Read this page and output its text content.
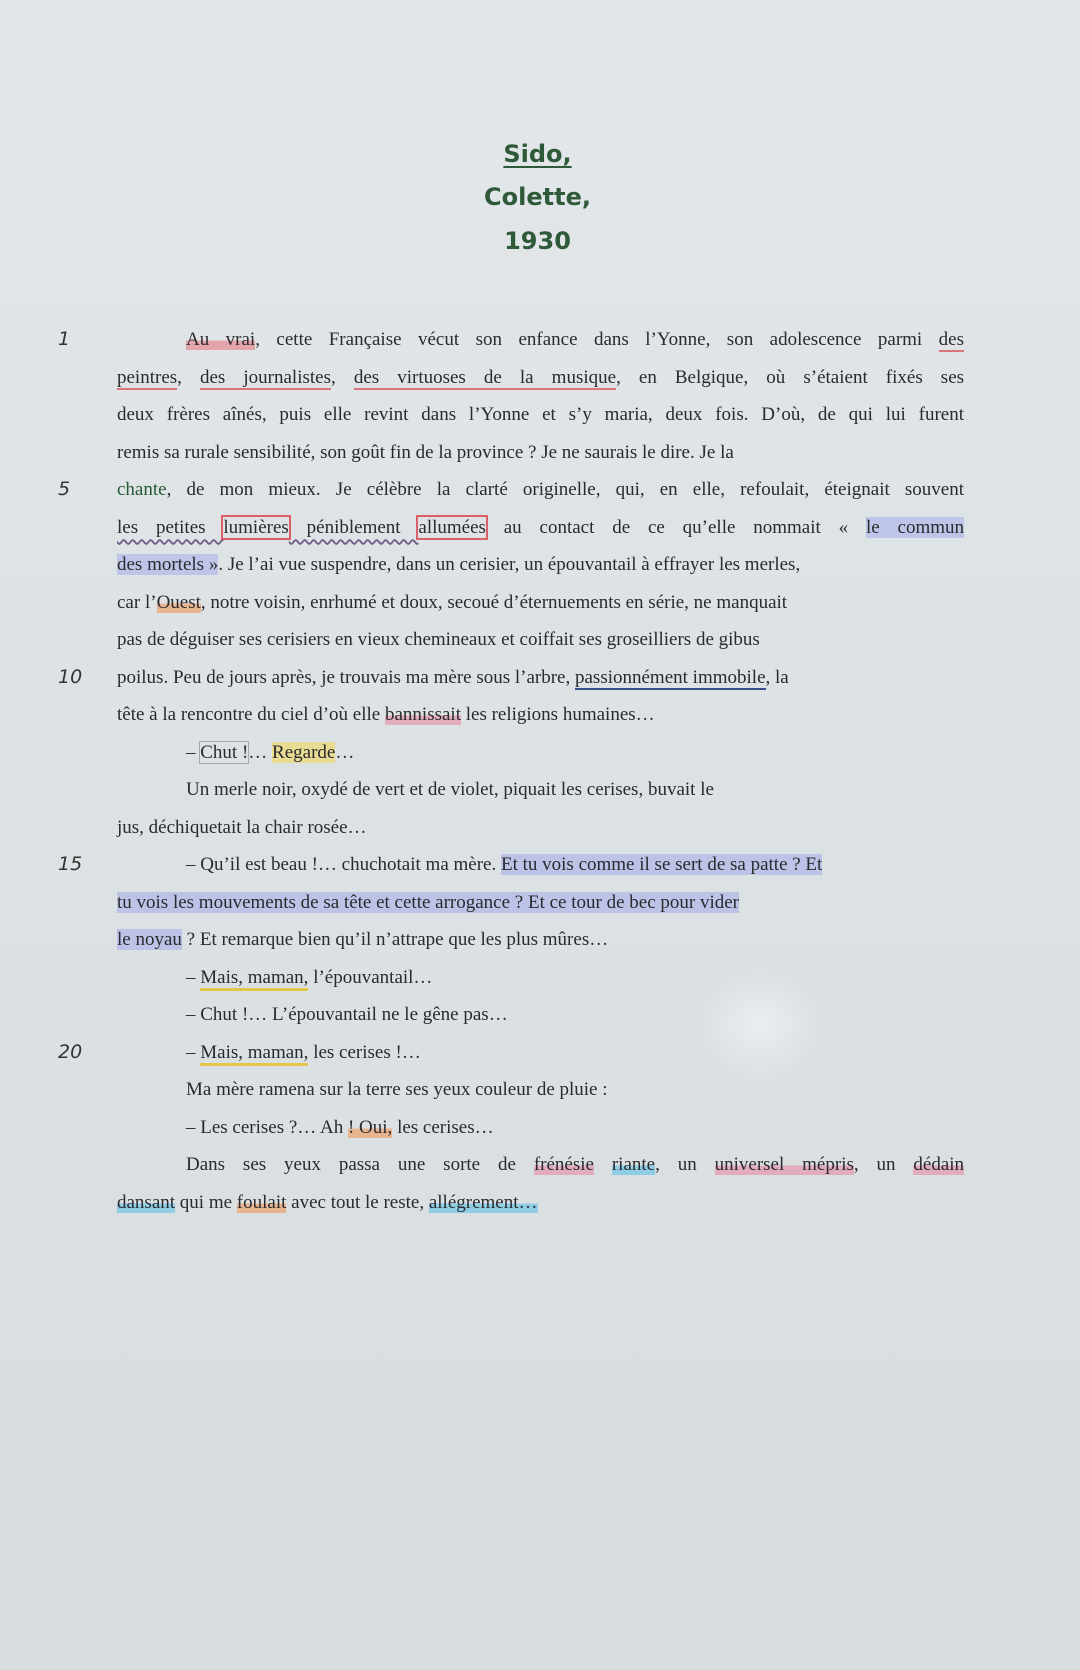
Sido,
Colette,
1930
Au vrai, cette Française vécut son enfance dans l’Yonne, son adolescence parmi des
peintres, des journalistes, des virtuoses de la musique, en Belgique, où s’étaient fixés ses
deux frères aînés, puis elle revint dans l’Yonne et s’y maria, deux fois. D’où, de qui lui furent
remis sa rurale sensibilité, son goût fin de la province ? Je ne saurais le dire. Je la
chante, de mon mieux. Je célèbre la clarté originelle, qui, en elle, refoulait, éteignait souvent
les petites lumières péniblement allumées au contact de ce qu’elle nommait « le commun
des mortels ». Je l’ai vue suspendre, dans un cerisier, un épouvantail à effrayer les merles,
car l’Ouest, notre voisin, enrhumé et doux, secoué d’éternuements en série, ne manquait
pas de déguiser ses cerisiers en vieux chemineaux et coiffait ses groseilliers de gibus
poilus. Peu de jours après, je trouvais ma mère sous l’arbre, passionnément immobile, la
tête à la rencontre du ciel d’où elle bannissait les religions humaines…
– Chut !… Regarde…
Un merle noir, oxydé de vert et de violet, piquait les cerises, buvait le
jus, déchiquetait la chair rosée…
– Qu’il est beau !… chuchotait ma mère. Et tu vois comme il se sert de sa patte ? Et
tu vois les mouvements de sa tête et cette arrogance ? Et ce tour de bec pour vider
le noyau ? Et remarque bien qu’il n’attrape que les plus mûres…
– Mais, maman, l’épouvantail…
– Chut !… L’épouvantail ne le gêne pas…
– Mais, maman, les cerises !…
Ma mère ramena sur la terre ses yeux couleur de pluie :
– Les cerises ?… Ah ! Oui, les cerises…
Dans ses yeux passa une sorte de frénésie riante, un universel mépris, un dédain
dansant qui me foulait avec tout le reste, allégrement…
1
5
10
15
20
